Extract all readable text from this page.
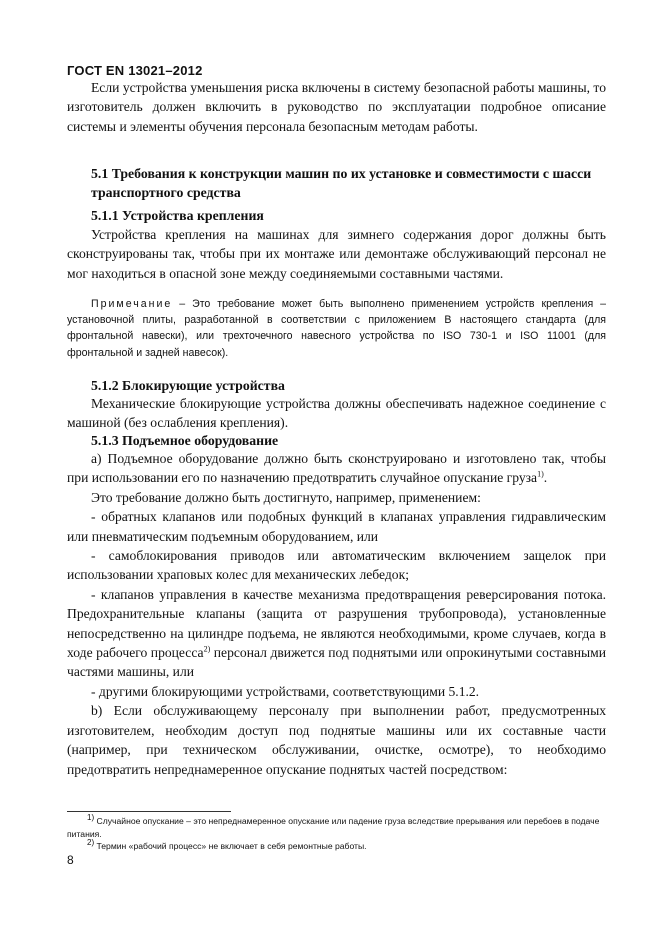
ГОСТ EN 13021–2012

Если устройства уменьшения риска включены в систему безопасной работы машины, то изготовитель должен включить в руководство по эксплуатации подробное описание системы и элементы обучения персонала безопасным методам работы.

5.1 Требования к конструкции машин по их установке и совместимости с шасси транспортного средства
5.1.1 Устройства крепления

Устройства крепления на машинах для зимнего содержания дорог должны быть сконструированы так, чтобы при их монтаже или демонтаже обслуживающий персонал не мог находиться в опасной зоне между соединяемыми составными частями.

Примечание – Это требование может быть выполнено применением устройств крепления – установочной плиты, разработанной в соответствии с приложением В настоящего стандарта (для фронтальной навески), или трехточечного навесного устройства по ISO 730-1 и ISO 11001 (для фронтальной и задней навесок).

5.1.2 Блокирующие устройства

Механические блокирующие устройства должны обеспечивать надежное соединение с машиной (без ослабления крепления).

5.1.3 Подъемное оборудование

а) Подъемное оборудование должно быть сконструировано и изготовлено так, чтобы при использовании его по назначению предотвратить случайное опускание груза$^{1)}$.

Это требование должно быть достигнуто, например, применением:

- обратных клапанов или подобных функций в клапанах управления гидравлическим или пневматическим подъемным оборудованием, или

- самоблокирования приводов или автоматическим включением защелок при использовании храповых колес для механических лебедок;

- клапанов управления в качестве механизма предотвращения реверсирования потока. Предохранительные клапаны (защита от разрушения трубопровода), установленные непосредственно на цилиндре подъема, не являются необходимыми, кроме случаев, когда в ходе рабочего процесса$^{2)}$ персонал движется под поднятыми или опрокинутыми составными частями машины, или

- другими блокирующими устройствами, соответствующими 5.1.2.

b) Если обслуживающему персоналу при выполнении работ, предусмотренных изготовителем, необходим доступ под поднятые машины или их составные части (например, при техническом обслуживании, очистке, осмотре), то необходимо предотвратить непреднамеренное опускание поднятых частей посредством:

$^{1)}$ Случайное опускание – это непреднамеренное опускание или падение груза вследствие прерывания или перебоев в подаче питания.

$^{2)}$ Термин «рабочий процесс» не включает в себя ремонтные работы.

8
